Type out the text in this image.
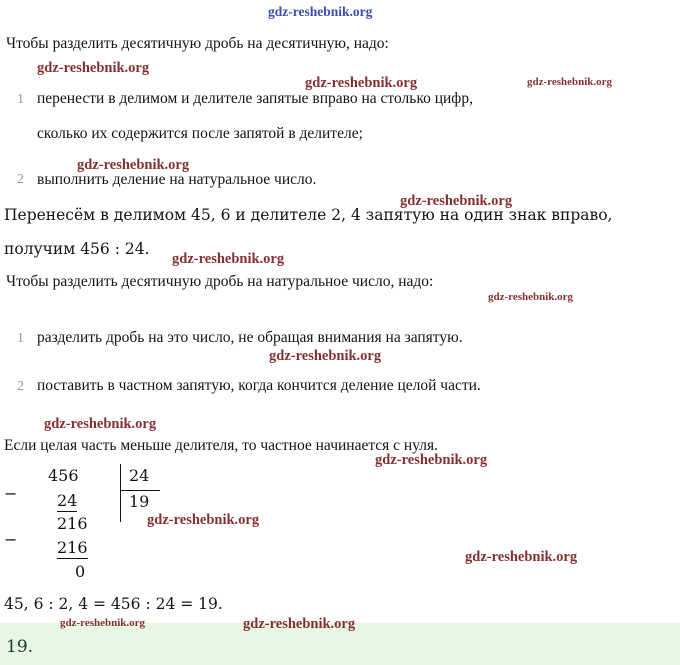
Чтобы разделить десятичную дробь на десятичную, надо:
1 перенести в делимом и делителе запятые вправо на столько цифр,
сколько их содержится после запятой в делителе;
2 выполнить деление на натуральное число.
Перенесём в делимом 45, 6 и делителе 2, 4 запятую на один знак вправо,
получим 456 : 24.
Чтобы разделить десятичную дробь на натуральное число, надо:
1 разделить дробь на это число, не обращая внимания на запятую.
2 поставить в частном запятую, когда кончится деление целой части.
Если целая часть меньше делителя, то частное начинается с нуля.
−
456
24
24
19
−
216
216
0
45, 6 : 2, 4 = 456 : 24 = 19.
19.
gdz-reshebnik.org
gdz-reshebnik.org
gdz-reshebnik.org	gdz-reshebnik.org
gdz-reshebnik.org
gdz-reshebnik.org
gdz-reshebnik.org
gdz-reshebnik.org
gdz-reshebnik.org
gdz-reshebnik.org
gdz-reshebnik.org
gdz-reshebnik.org
gdz-reshebnik.org
gdz-reshebnik.org	gdz-reshebnik.org
